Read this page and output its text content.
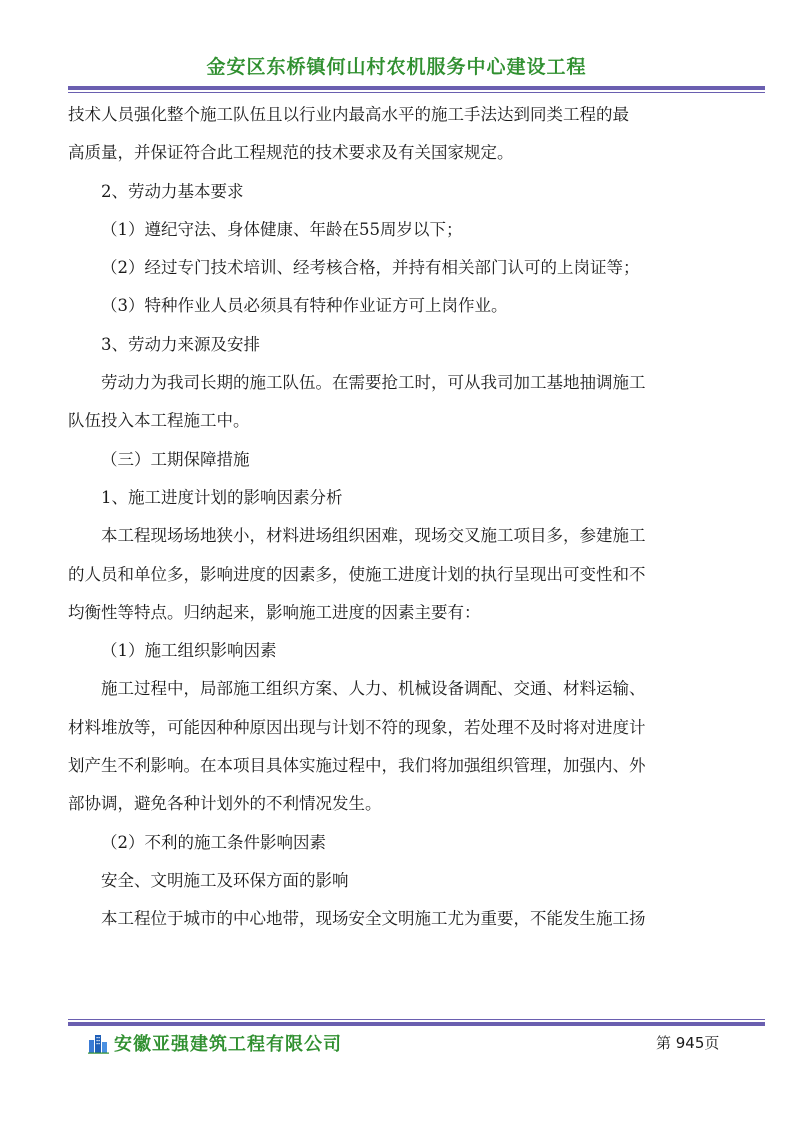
金安区东桥镇何山村农机服务中心建设工程

技术人员强化整个施工队伍且以行业内最高水平的施工手法达到同类工程的最

高质量，并保证符合此工程规范的技术要求及有关国家规定。

2、劳动力基本要求

（1）遵纪守法、身体健康、年龄在55周岁以下；

（2）经过专门技术培训、经考核合格，并持有相关部门认可的上岗证等；

（3）特种作业人员必须具有特种作业证方可上岗作业。

3、劳动力来源及安排

劳动力为我司长期的施工队伍。在需要抢工时，可从我司加工基地抽调施工

队伍投入本工程施工中。

（三）工期保障措施

1、施工进度计划的影响因素分析

本工程现场场地狭小，材料进场组织困难，现场交叉施工项目多，参建施工

的人员和单位多，影响进度的因素多，使施工进度计划的执行呈现出可变性和不

均衡性等特点。归纳起来，影响施工进度的因素主要有：

（1）施工组织影响因素

施工过程中，局部施工组织方案、人力、机械设备调配、交通、材料运输、

材料堆放等，可能因种种原因出现与计划不符的现象，若处理不及时将对进度计

划产生不利影响。在本项目具体实施过程中，我们将加强组织管理，加强内、外

部协调，避免各种计划外的不利情况发生。

（2）不利的施工条件影响因素

安全、文明施工及环保方面的影响

本工程位于城市的中心地带，现场安全文明施工尤为重要，不能发生施工扬

安徽亚强建筑工程有限公司	第 945页
